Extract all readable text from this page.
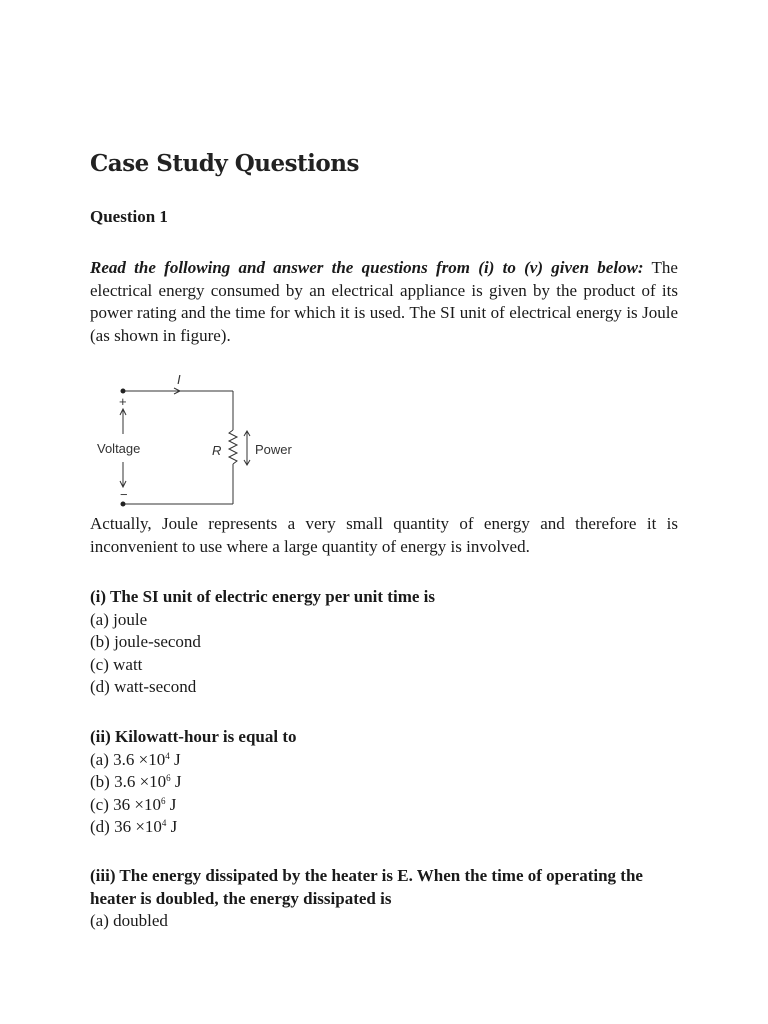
Case Study Questions
Question 1

Read the following and answer the questions from (i) to (v) given below: The electrical energy consumed by an electrical appliance is given by the product of its power rating and the time for which it is used. The SI unit of electrical energy is Joule (as shown in figure).

I
+
Voltage
−
R	Power

Actually, Joule represents a very small quantity of energy and therefore it is inconvenient to use where a large quantity of energy is involved.

(i) The SI unit of electric energy per unit time is
(a) joule
(b) joule-second
(c) watt
(d) watt-second
(ii) Kilowatt-hour is equal to
(a) $3.6 \times 10^4$ J
(b) $3.6 \times 10^6$ J
(c) $36 \times 10^6$ J
(d) $36 \times 10^4$ J
(iii) The energy dissipated by the heater is E. When the time of operating the heater is doubled, the energy dissipated is
(a) doubled
